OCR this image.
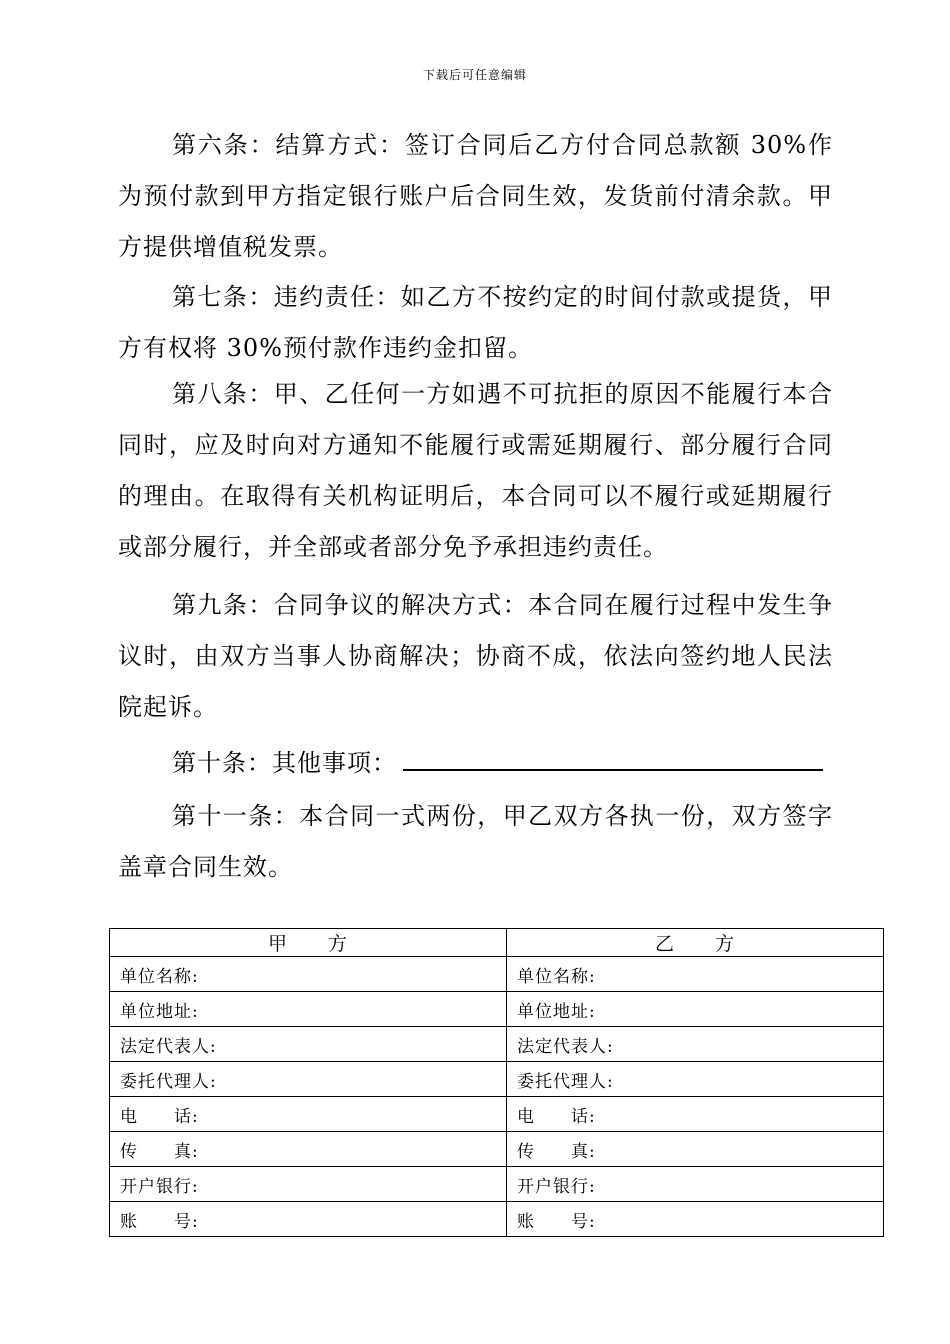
下载后可任意编辑

第六条：结算方式：签订合同后乙方付合同总款额 30%作为预付款到甲方指定银行账户后合同生效，发货前付清余款。甲方提供增值税发票。

第七条：违约责任：如乙方不按约定的时间付款或提货，甲方有权将 30%预付款作违约金扣留。

第八条：甲、乙任何一方如遇不可抗拒的原因不能履行本合同时，应及时向对方通知不能履行或需延期履行、部分履行合同的理由。在取得有关机构证明后，本合同可以不履行或延期履行或部分履行，并全部或者部分免予承担违约责任。

第九条：合同争议的解决方式：本合同在履行过程中发生争议时，由双方当事人协商解决；协商不成，依法向签约地人民法院起诉。

第十条：其他事项：

第十一条：本合同一式两份，甲乙双方各执一份，双方签字盖章合同生效。

甲　　方	乙　　方
单位名称:	单位名称:
单位地址:	单位地址:
法定代表人:	法定代表人:
委托代理人:	委托代理人:
电　　话:	电　　话:
传　　真:	传　　真:
开户银行:	开户银行:
账　　号:	账　　号:
